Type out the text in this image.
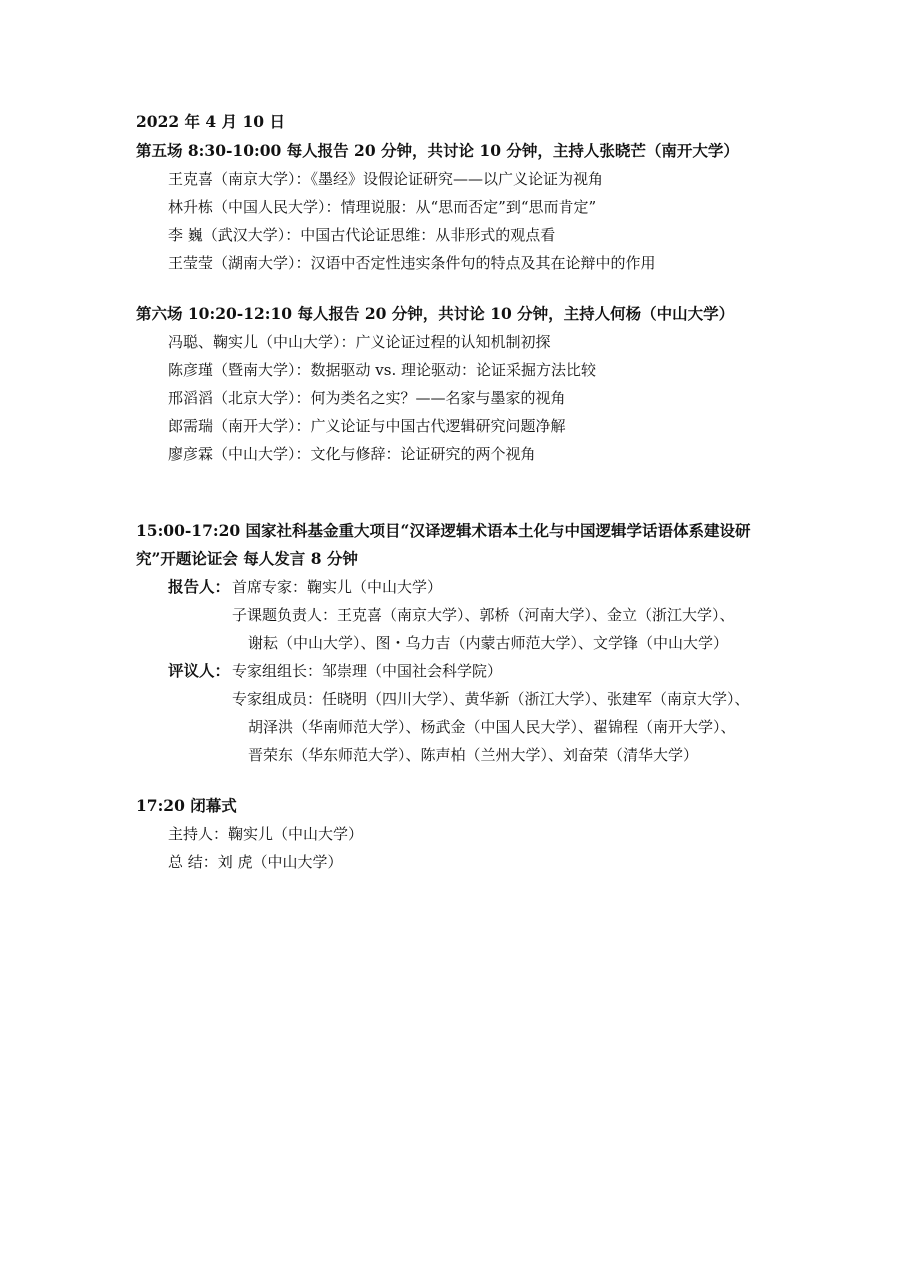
2022 年 4 月 10 日
第五场 8:30-10:00 每人报告 20 分钟，共讨论 10 分钟，主持人张晓芒（南开大学）
王克喜（南京大学）：《墨经》设假论证研究——以广义论证为视角
林升栋（中国人民大学）：情理说服：从“思而否定”到“思而肯定”
李 巍（武汉大学）：中国古代论证思维：从非形式的观点看
王莹莹（湖南大学）：汉语中否定性违实条件句的特点及其在论辩中的作用
第六场 10:20-12:10 每人报告 20 分钟，共讨论 10 分钟，主持人何杨（中山大学）
冯聪、鞠实儿（中山大学）：广义论证过程的认知机制初探
陈彦瑾（暨南大学）：数据驱动 vs. 理论驱动：论证采掘方法比较
邢滔滔（北京大学）：何为类名之实？——名家与墨家的视角
郎需瑞（南开大学）：广义论证与中国古代逻辑研究问题净解
廖彦霖（中山大学）：文化与修辞：论证研究的两个视角
15:00-17:20 国家社科基金重大项目“汉译逻辑术语本土化与中国逻辑学话语体系建设研
究”开题论证会 每人发言 8 分钟
报告人： 首席专家：鞠实儿（中山大学）
子课题负责人：王克喜（南京大学）、郭桥（河南大学）、金立（浙江大学）、
谢耘（中山大学）、图・乌力吉（内蒙古师范大学）、文学锋（中山大学）
评议人： 专家组组长：邹崇理（中国社会科学院）
专家组成员：任晓明（四川大学）、黄华新（浙江大学）、张建军（南京大学）、
胡泽洪（华南师范大学）、杨武金（中国人民大学）、翟锦程（南开大学）、
晋荣东（华东师范大学）、陈声柏（兰州大学）、刘奋荣（清华大学）
17:20 闭幕式
主持人：鞠实儿（中山大学）
总 结：刘 虎（中山大学）
